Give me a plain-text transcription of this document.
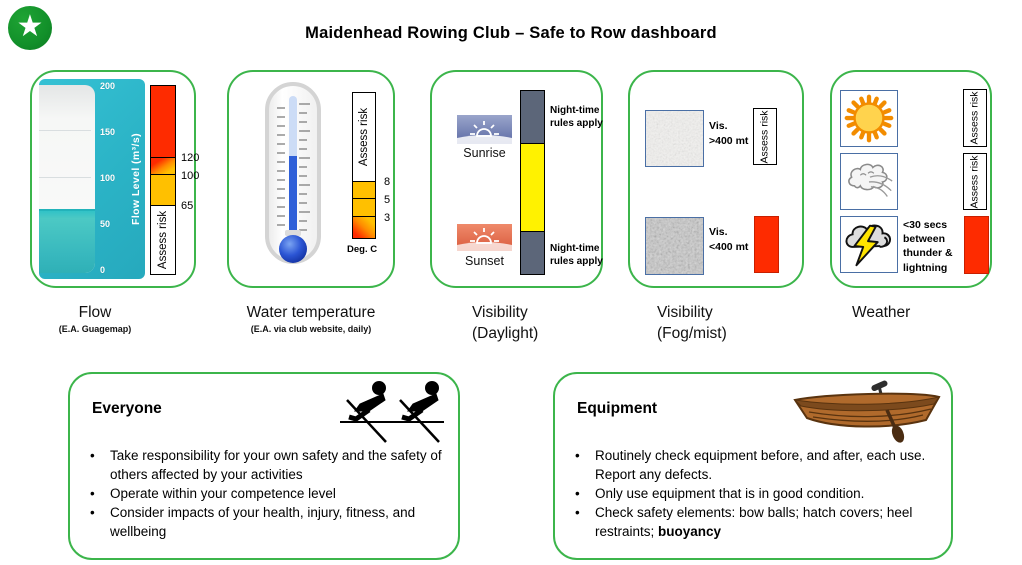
★	Maidenhead Rowing Club – Safe to Row dashboard
200
150
100
50
0
Flow Level (m³/s)
Assess risk
120
100
65
Assess risk
8
5
3
Deg. C
Sunrise
Sunset
Night-time rules apply
Night-time rules apply
Vis.
>400 mt Assess risk
Vis.
<400 mt
Assess risk
Assess risk
<30 secs between thunder & lightning
Flow
(E.A. Guagemap)
Water temperature
(E.A. via club website, daily)
Visibility
(Daylight)
Visibility
(Fog/mist)
Weather
Everyone
• Take responsibility for your own safety and the safety of others affected by your activities
• Operate within your competence level
• Consider impacts of your health, injury, fitness, and wellbeing
Equipment
• Routinely check equipment before, and after, each use. Report any defects.
• Only use equipment that is in good condition.
• Check safety elements: bow balls; hatch covers; heel restraints; buoyancy
